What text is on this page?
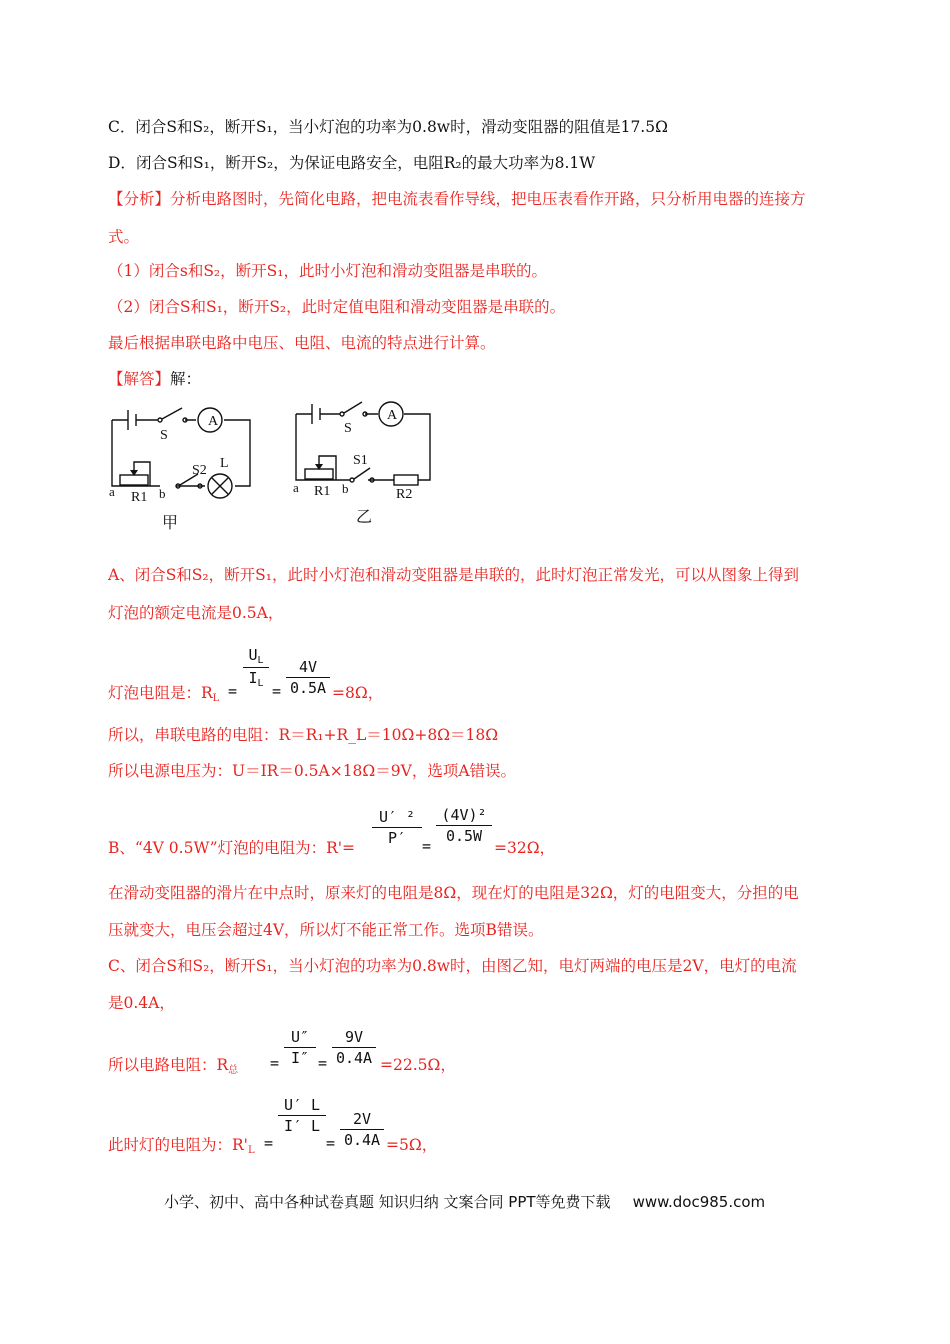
C．闭合S和S₂，断开S₁，当小灯泡的功率为0.8w时，滑动变阻器的阻值是17.5Ω
D．闭合S和S₁，断开S₂，为保证电路安全，电阻R₂的最大功率为8.1W
【分析】分析电路图时，先简化电路，把电流表看作导线，把电压表看作开路，只分析用电器的连接方
式。
（1）闭合s和S₂，断开S₁，此时小灯泡和滑动变阻器是串联的。
（2）闭合S和S₁，断开S₂，此时定值电阻和滑动变阻器是串联的。
最后根据串联电路中电压、电阻、电流的特点进行计算。
【解答】解：
A
S
S2 L
a R1 b
甲
A
S
S1
a R1 b	R2
乙
A、闭合S和S₂，断开S₁，此时小灯泡和滑动变阻器是串联的，此时灯泡正常发光，可以从图象上得到
灯泡的额定电流是0.5A，
灯泡电阻是：$R_L$ =
$U_L$
$I_L$ =
4V
0.5A =8Ω，
所以，串联电路的电阻：R＝R₁+R_L＝10Ω+8Ω＝18Ω
所以电源电压为：U＝IR＝0.5A×18Ω＝9V，选项A错误。
B、“4V 0.5W”灯泡的电阻为：R'=
U′ ²
P′	=
(4V)²
0.5W
=32Ω，
在滑动变阻器的滑片在中点时，原来灯的电阻是8Ω，现在灯的电阻是32Ω，灯的电阻变大，分担的电
压就变大，电压会超过4V，所以灯不能正常工作。选项B错误。
C、闭合S和S₂，断开S₁，当小灯泡的功率为0.8w时，由图乙知，电灯两端的电压是2V，电灯的电流
是0.4A，
所以电路电阻：$R_总$ =
U″
I″ =
9V
0.4A =22.5Ω，
此时灯的电阻为：$R'_L$ =
U′ L
I′ L
=
2V
0.4A =5Ω，
小学、初中、高中各种试卷真题 知识归纳 文案合同 PPT等免费下载 www.doc985.com
